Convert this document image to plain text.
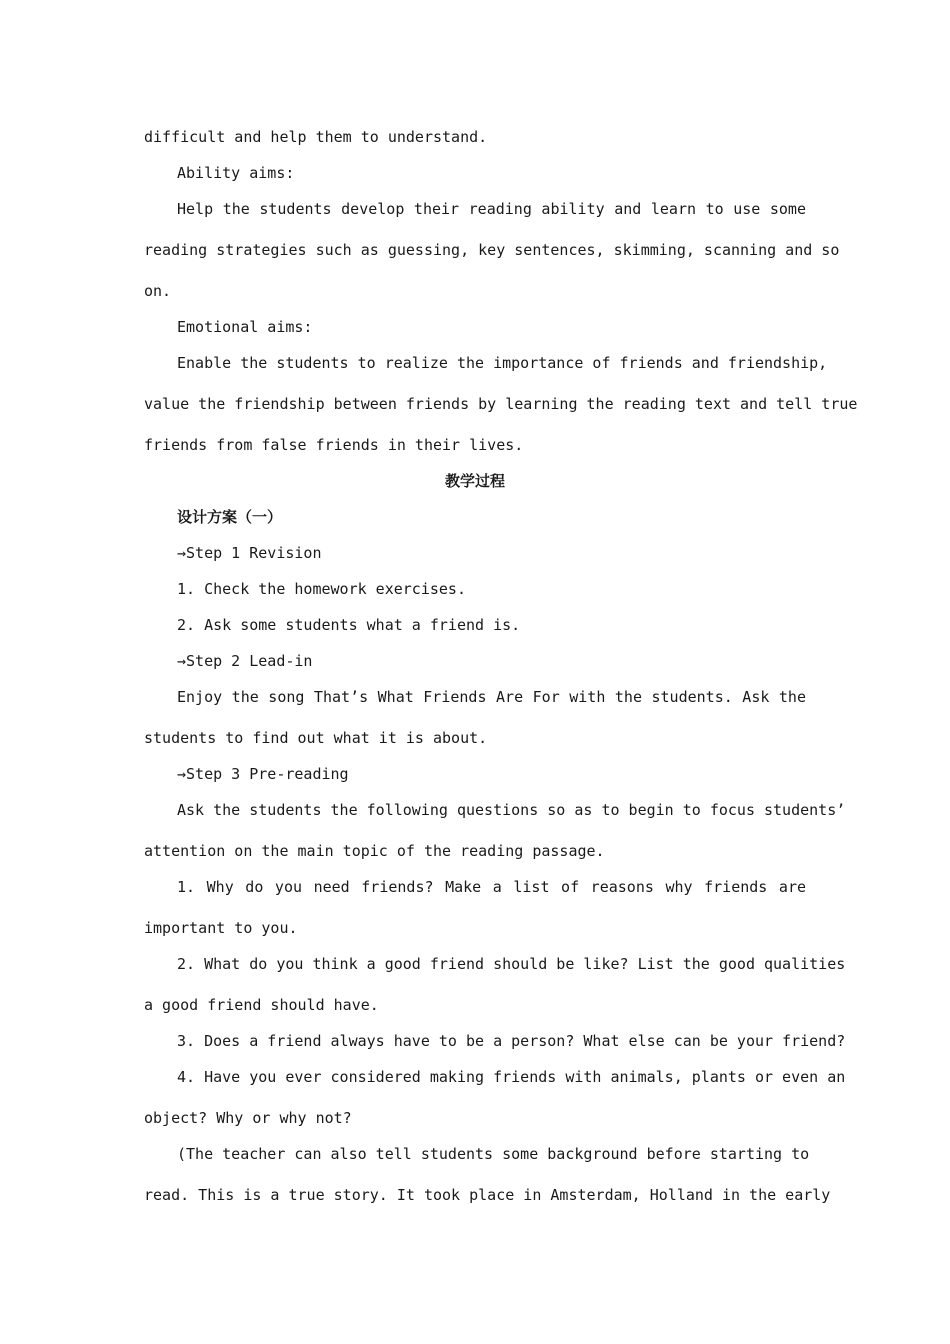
difficult and help them to understand.
Ability aims:
Help the students develop their reading ability and learn to use some
reading strategies such as guessing, key sentences, skimming, scanning and so
on.
Emotional aims:
Enable the students to realize the importance of friends and friendship,
value the friendship between friends by learning the reading text and tell true
friends from false friends in their lives.
教学过程
设计方案（一）
→Step 1 Revision
1. Check the homework exercises.
2. Ask some students what a friend is.
→Step 2 Lead-in
Enjoy the song That’s What Friends Are For with the students. Ask the
students to find out what it is about.
→Step 3 Pre-reading
Ask the students the following questions so as to begin to focus students’
attention on the main topic of the reading passage.
1. Why do you need friends? Make a list of reasons why friends are
important to you.
2. What do you think a good friend should be like? List the good qualities
a good friend should have.
3. Does a friend always have to be a person? What else can be your friend?
4. Have you ever considered making friends with animals, plants or even an
object? Why or why not?
(The teacher can also tell students some background before starting to
read. This is a true story. It took place in Amsterdam, Holland in the early
